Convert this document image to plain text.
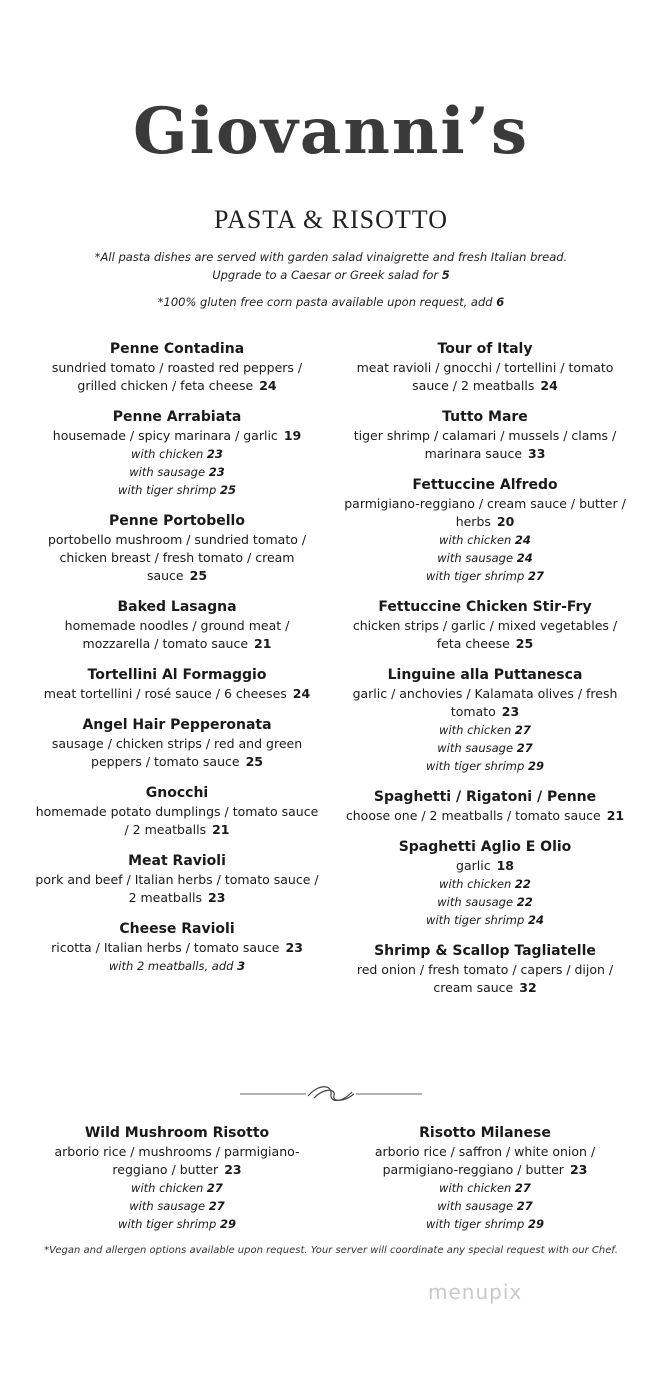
Giovanni’s
PASTA & RISOTTO
*All pasta dishes are served with garden salad vinaigrette and fresh Italian bread.
Upgrade to a Caesar or Greek salad for 5
*100% gluten free corn pasta available upon request, add 6
Penne Contadina
sundried tomato / roasted red peppers / grilled chicken / feta cheese 24
Penne Arrabiata
housemade / spicy marinara / garlic 19
with chicken 23
with sausage 23
with tiger shrimp 25
Penne Portobello
portobello mushroom / sundried tomato / chicken breast / fresh tomato / cream sauce 25
Baked Lasagna
homemade noodles / ground meat / mozzarella / tomato sauce 21
Tortellini Al Formaggio
meat tortellini / rosé sauce / 6 cheeses 24
Angel Hair Pepperonata
sausage / chicken strips / red and green peppers / tomato sauce 25
Gnocchi
homemade potato dumplings / tomato sauce / 2 meatballs 21
Meat Ravioli
pork and beef / Italian herbs / tomato sauce / 2 meatballs 23
Cheese Ravioli
ricotta / Italian herbs / tomato sauce 23
with 2 meatballs, add 3
Tour of Italy
meat ravioli / gnocchi / tortellini / tomato sauce / 2 meatballs 24
Tutto Mare
tiger shrimp / calamari / mussels / clams / marinara sauce 33
Fettuccine Alfredo
parmigiano-reggiano / cream sauce / butter / herbs 20
with chicken 24
with sausage 24
with tiger shrimp 27
Fettuccine Chicken Stir-Fry
chicken strips / garlic / mixed vegetables / feta cheese 25
Linguine alla Puttanesca
garlic / anchovies / Kalamata olives / fresh tomato 23
with chicken 27
with sausage 27
with tiger shrimp 29
Spaghetti / Rigatoni / Penne
choose one / 2 meatballs / tomato sauce 21
Spaghetti Aglio E Olio
garlic 18
with chicken 22
with sausage 22
with tiger shrimp 24
Shrimp & Scallop Tagliatelle
red onion / fresh tomato / capers / dijon / cream sauce 32
Wild Mushroom Risotto
arborio rice / mushrooms / parmigiano-reggiano / butter 23
with chicken 27
with sausage 27
with tiger shrimp 29
Risotto Milanese
arborio rice / saffron / white onion / parmigiano-reggiano / butter 23
with chicken 27
with sausage 27
with tiger shrimp 29
*Vegan and allergen options available upon request. Your server will coordinate any special request with our Chef.
menupix
